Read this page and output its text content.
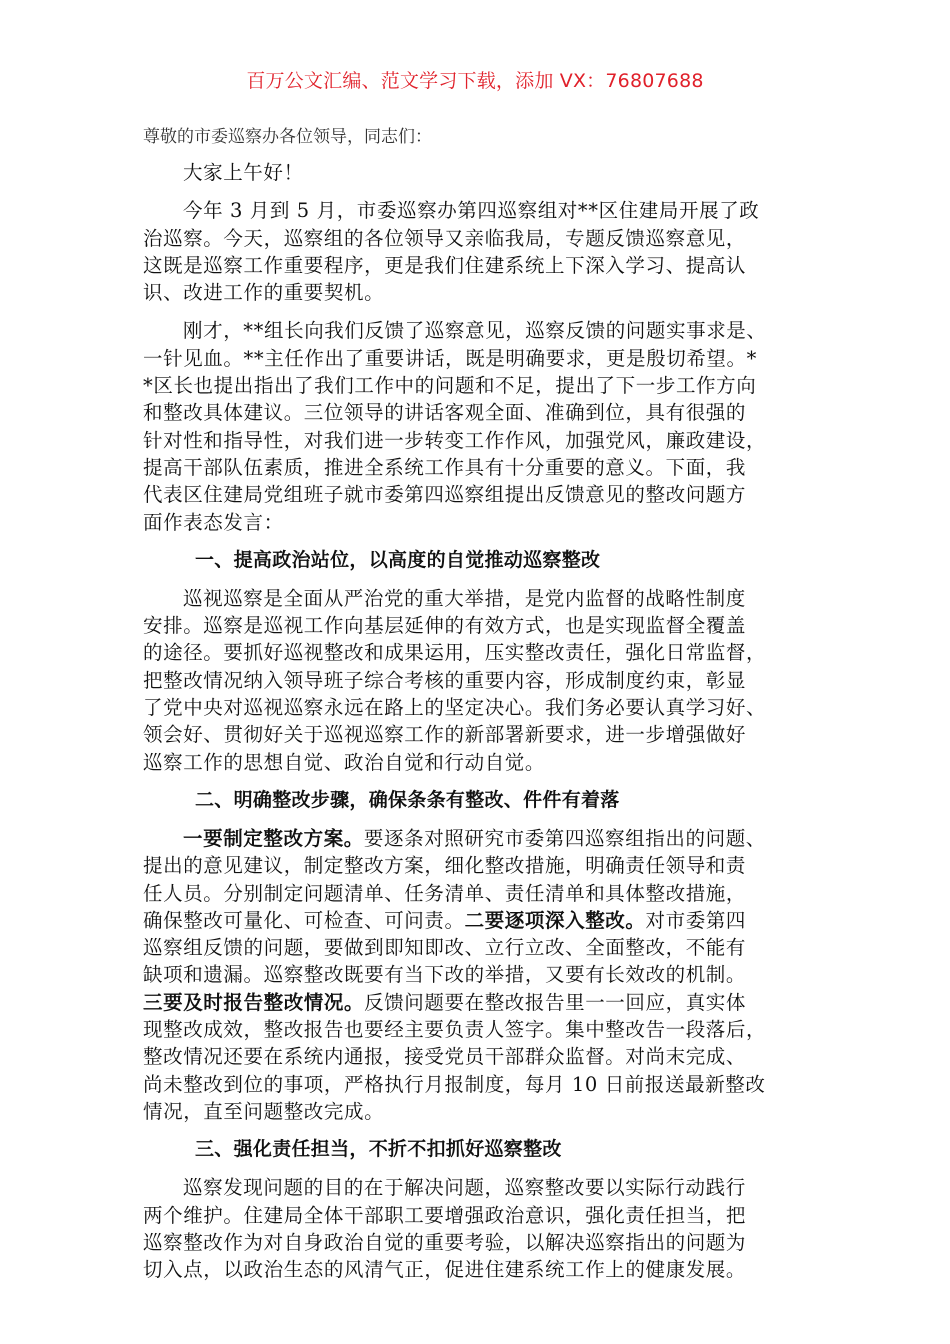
百万公文汇编、范文学习下载，添加 VX：76807688
尊敬的市委巡察办各位领导，同志们：
大家上午好！
今年 3 月到 5 月，市委巡察办第四巡察组对**区住建局开展了政
治巡察。今天，巡察组的各位领导又亲临我局，专题反馈巡察意见，
这既是巡察工作重要程序，更是我们住建系统上下深入学习、提高认
识、改进工作的重要契机。
刚才，**组长向我们反馈了巡察意见，巡察反馈的问题实事求是、
一针见血。**主任作出了重要讲话，既是明确要求，更是殷切希望。*
*区长也提出指出了我们工作中的问题和不足，提出了下一步工作方向
和整改具体建议。三位领导的讲话客观全面、准确到位，具有很强的
针对性和指导性，对我们进一步转变工作作风，加强党风，廉政建设，
提高干部队伍素质，推进全系统工作具有十分重要的意义。下面，我
代表区住建局党组班子就市委第四巡察组提出反馈意见的整改问题方
面作表态发言：
一、提高政治站位，以高度的自觉推动巡察整改
巡视巡察是全面从严治党的重大举措，是党内监督的战略性制度
安排。巡察是巡视工作向基层延伸的有效方式，也是实现监督全覆盖
的途径。要抓好巡视整改和成果运用，压实整改责任，强化日常监督，
把整改情况纳入领导班子综合考核的重要内容，形成制度约束，彰显
了党中央对巡视巡察永远在路上的坚定决心。我们务必要认真学习好、
领会好、贯彻好关于巡视巡察工作的新部署新要求，进一步增强做好
巡察工作的思想自觉、政治自觉和行动自觉。
二、明确整改步骤，确保条条有整改、件件有着落
一要制定整改方案。要逐条对照研究市委第四巡察组指出的问题、
提出的意见建议，制定整改方案，细化整改措施，明确责任领导和责
任人员。分别制定问题清单、任务清单、责任清单和具体整改措施，
确保整改可量化、可检查、可问责。二要逐项深入整改。对市委第四
巡察组反馈的问题，要做到即知即改、立行立改、全面整改，不能有
缺项和遗漏。巡察整改既要有当下改的举措，又要有长效改的机制。
三要及时报告整改情况。反馈问题要在整改报告里一一回应，真实体
现整改成效，整改报告也要经主要负责人签字。集中整改告一段落后，
整改情况还要在系统内通报，接受党员干部群众监督。对尚末完成、
尚未整改到位的事项，严格执行月报制度，每月 10 日前报送最新整改
情况，直至问题整改完成。
三、强化责任担当，不折不扣抓好巡察整改
巡察发现问题的目的在于解决问题，巡察整改要以实际行动践行
两个维护。住建局全体干部职工要增强政治意识，强化责任担当，把
巡察整改作为对自身政治自觉的重要考验，以解决巡察指出的问题为
切入点，以政治生态的风清气正，促进住建系统工作上的健康发展。
